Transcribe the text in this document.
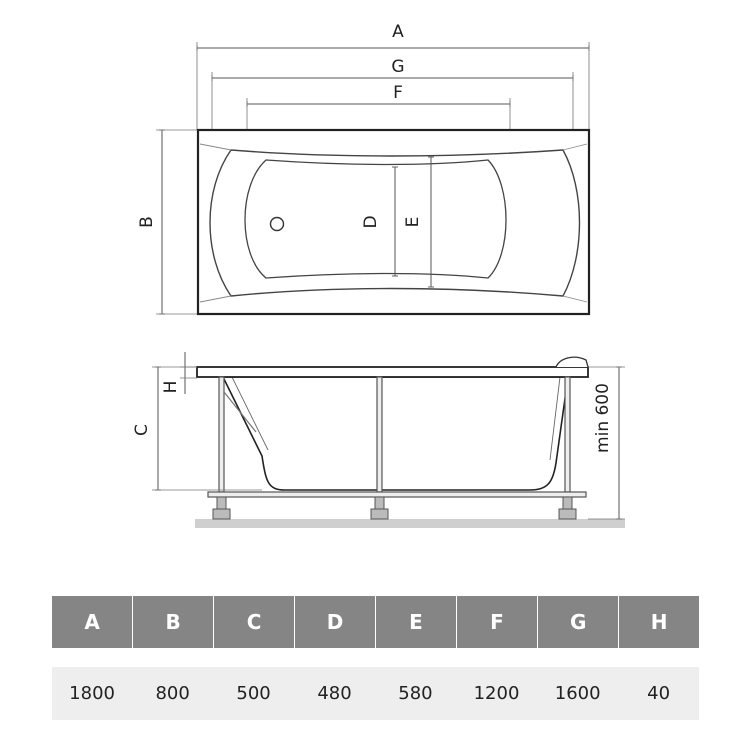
A
G
F
B	D E
H
C	min 600
A	B	C	D	E	F	G	H

1800	800	500	480	580	1200	1600	40
